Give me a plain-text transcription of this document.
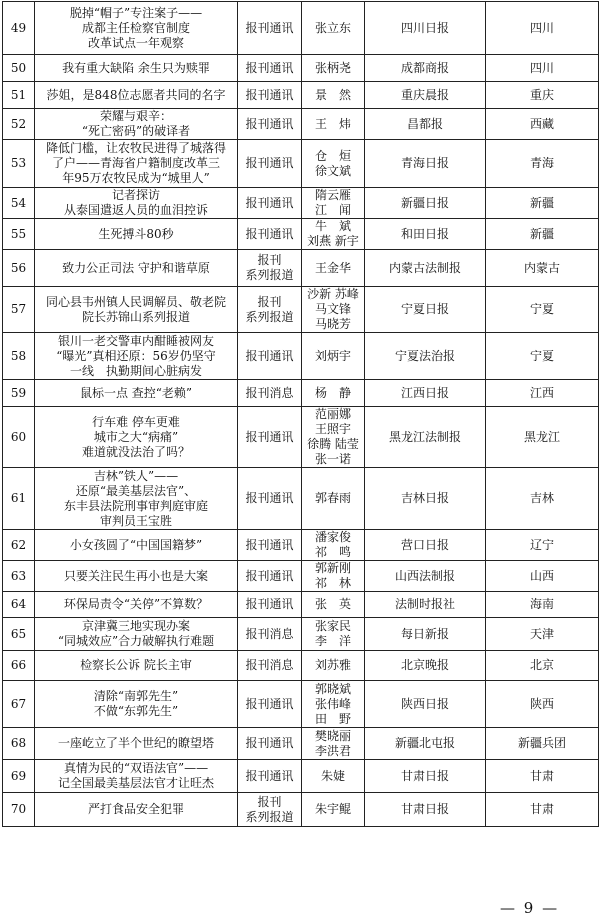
49	脱掉“帽子”专注案子——
成都主任检察官制度
改革试点一年观察	报刊通讯	张立东	四川日报	四川
50	我有重大缺陷 余生只为赎罪	报刊通讯	张柄尧	成都商报	四川
51	莎姐，是848位志愿者共同的名字	报刊通讯	景　然	重庆晨报	重庆
52	荣耀与艰辛：
“死亡密码”的破译者	报刊通讯	王　炜	昌都报	西藏
53	降低门槛，让农牧民进得了城落得
了户——青海省户籍制度改革三
年95万农牧民成为“城里人”	报刊通讯	仓　烜
徐文斌	青海日报	青海
54	记者探访
从泰国遣返人员的血泪控诉	报刊通讯	隋云雁
江　闻	新疆日报	新疆
55	生死搏斗80秒	报刊通讯	牛　斌
刘燕 新宇	和田日报	新疆
56	致力公正司法 守护和谐草原	报刊
系列报道	王金华	内蒙古法制报	内蒙古
57	同心县韦州镇人民调解员、敬老院
院长苏锦山系列报道	报刊
系列报道	沙新 苏峰
马文锋
马晓芳	宁夏日报	宁夏
58	银川一老交警車内酣睡被网友
“曝光”真相还原：56岁仍坚守
一线　执勤期间心脏病发	报刊通讯	刘炳宇	宁夏法治报	宁夏
59	鼠标一点 查控“老赖”	报刊消息	杨　静	江西日报	江西
60	行车难 停车更难
城市之大“病痛”
难道就没法治了吗？	报刊通讯	范丽娜
王照宇
徐腾 陆莹
张一诺	黑龙江法制报	黑龙江
61	吉林”铁人”——
还原“最美基层法官”、
东丰县法院刑事审判庭审庭
审判员王宝胜	报刊通讯	郭春雨	吉林日报	吉林
62	小女孩圆了“中国国籍梦”	报刊通讯	潘家俊
祁　鸣	营口日报	辽宁
63	只要关注民生再小也是大案	报刊通讯	郭新刚
祁　林	山西法制报	山西
64	环保局责令“关停”不算数？	报刊通讯	张　英	法制时报社	海南
65	京津冀三地实现办案
“同城效应”合力破解执行难题	报刊消息	张家民
李　洋	每日新报	天津
66	检察长公诉 院长主审	报刊消息	刘苏雅	北京晚报	北京
67	清除“南郭先生”
不做“东郭先生”	报刊通讯	郭晓斌
张伟峰
田　野	陕西日报	陕西
68	一座屹立了半个世纪的瞭望塔	报刊通讯	樊晓丽
李洪君	新疆北屯报	新疆兵团
69	真情为民的“双语法官”——
记全国最美基层法官才让旺杰	报刊通讯	朱婕	甘肃日报	甘肃
70	严打食品安全犯罪	报刊
系列报道	朱宇鲲	甘肃日报	甘肃
— 9 —
